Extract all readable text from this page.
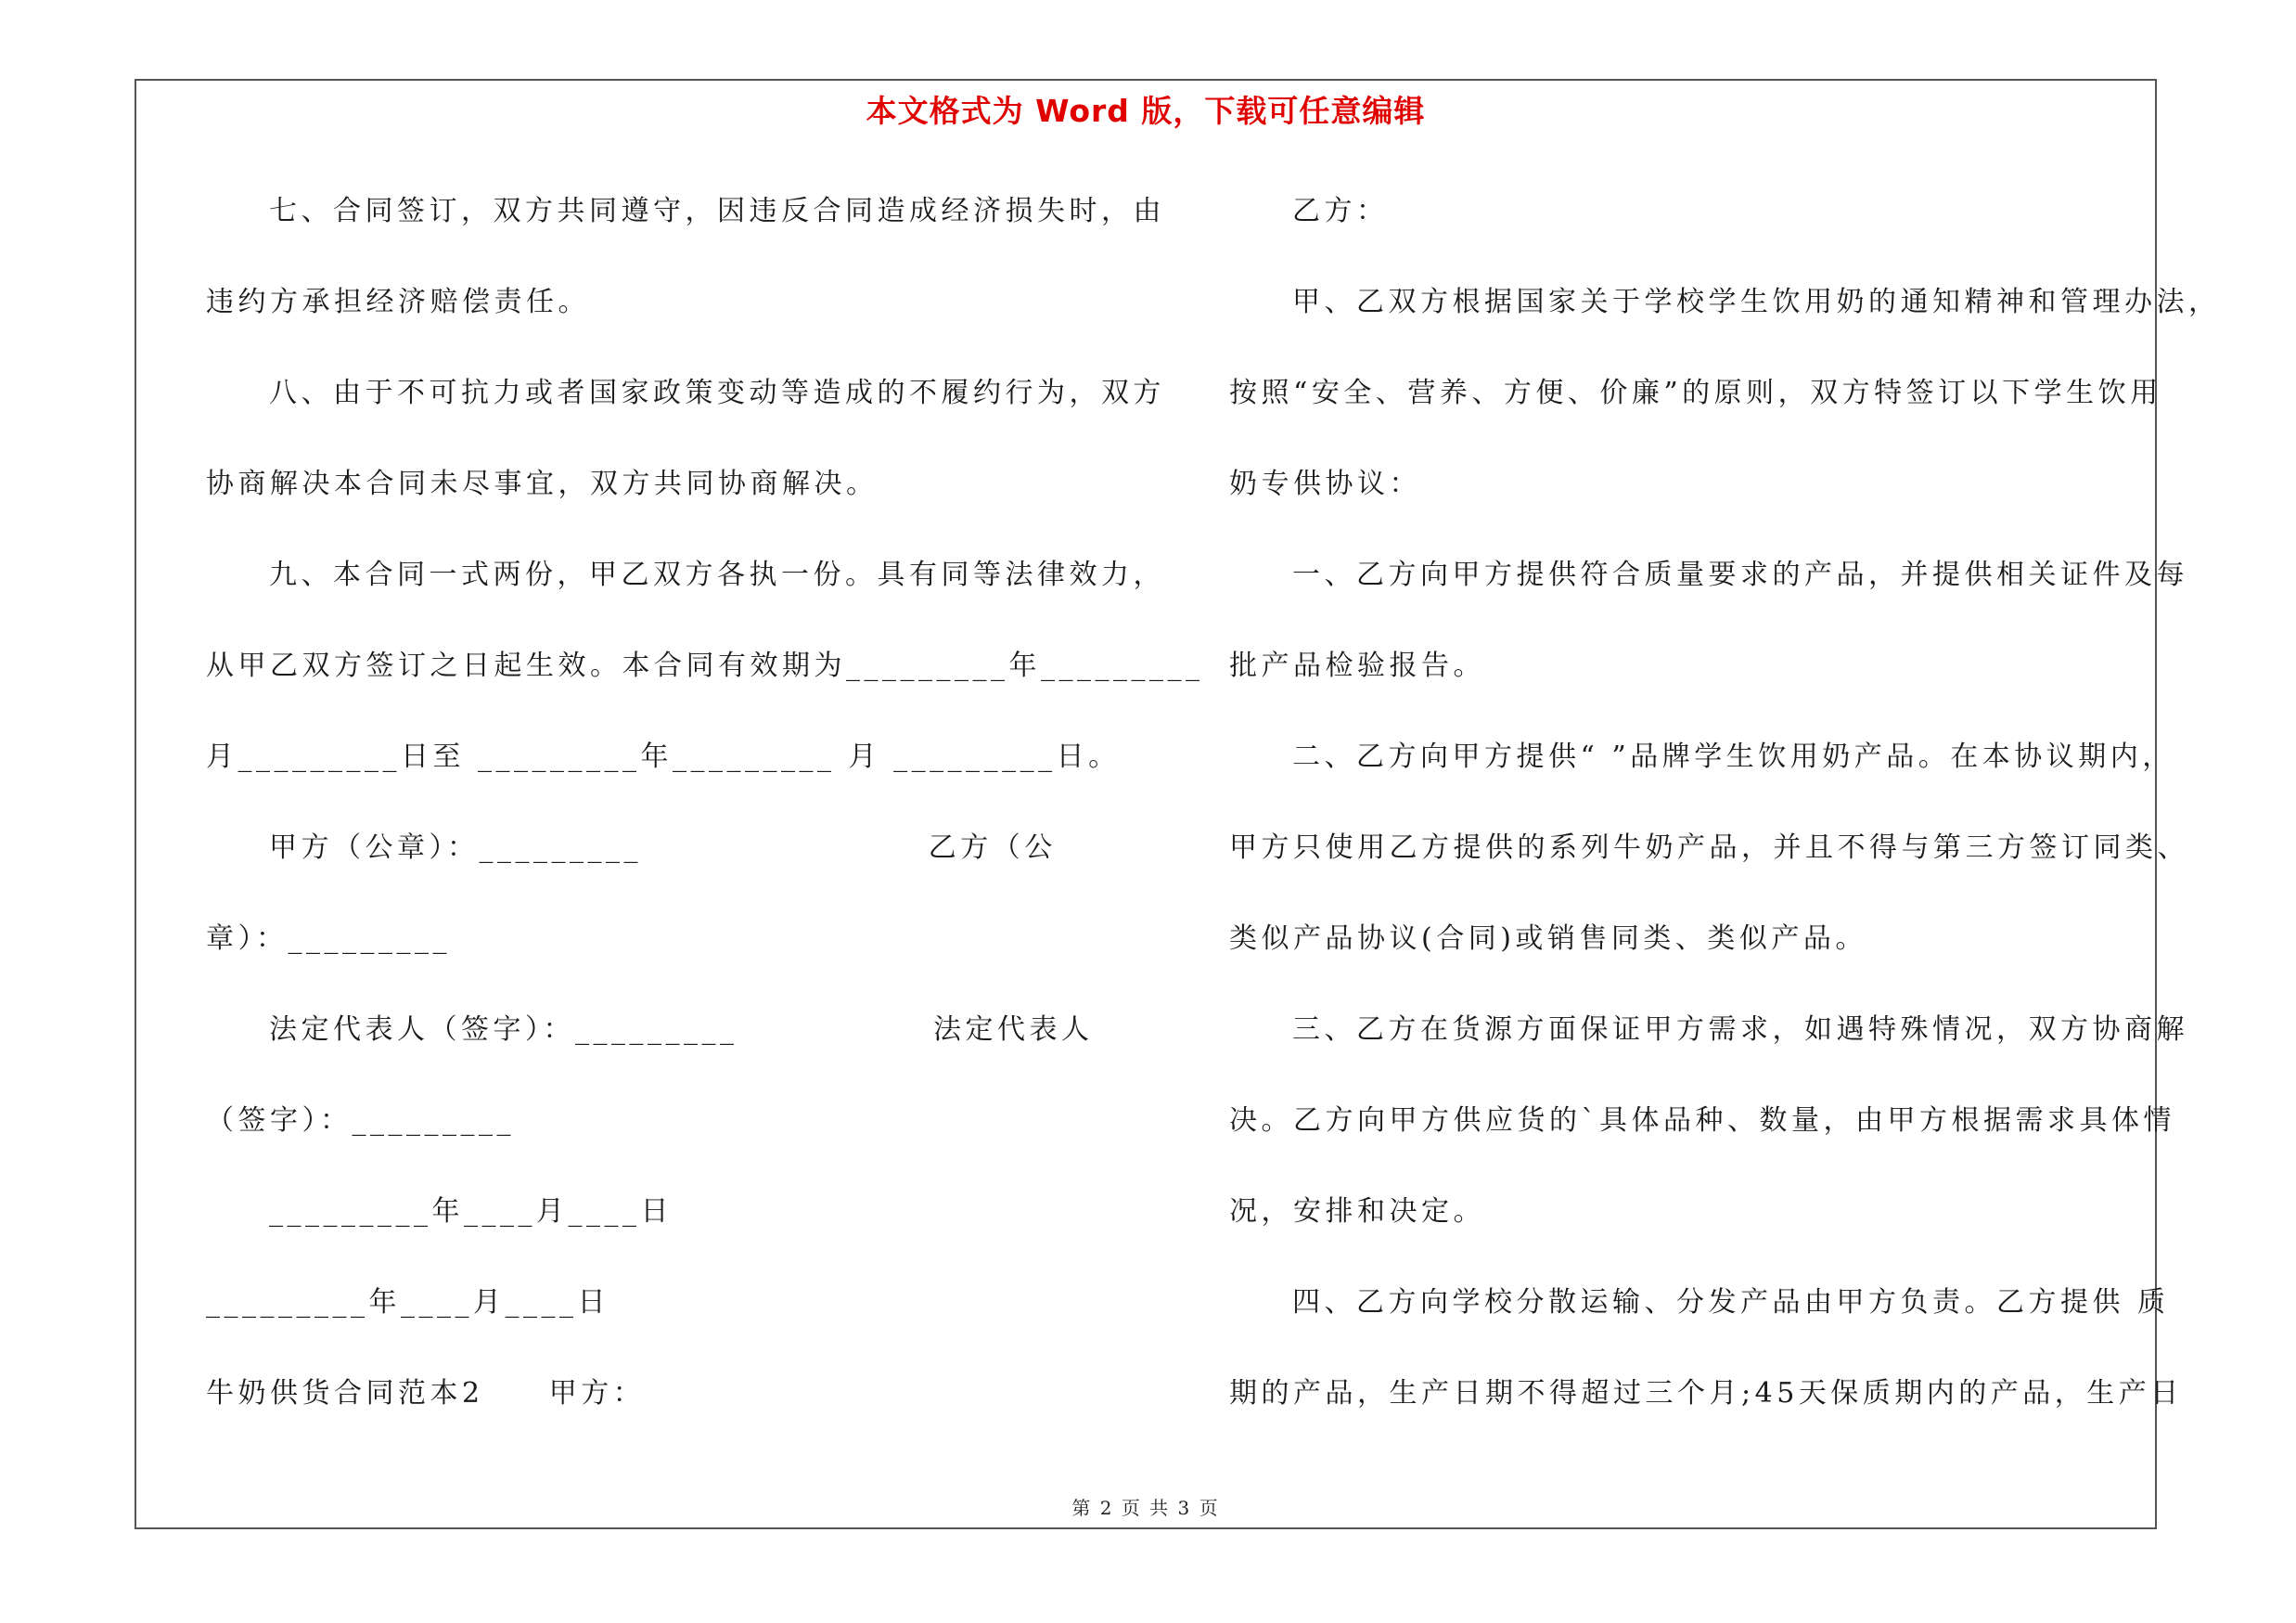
本文格式为 Word 版，下载可任意编辑
七、合同签订，双方共同遵守，因违反合同造成经济损失时，由
违约方承担经济赔偿责任。
八、由于不可抗力或者国家政策变动等造成的不履约行为，双方
协商解决本合同未尽事宜，双方共同协商解决。
九、本合同一式两份，甲乙双方各执一份。具有同等法律效力，
从甲乙双方签订之日起生效。本合同有效期为_________年_________
月_________日至 _________年_________ 月 _________日。
甲方（公章）：_________                      乙方（公
章）：_________
法定代表人（签字）：_________               法定代表人
（签字）：_________
_________年____月____日
_________年____月____日
牛奶供货合同范本2     甲方：
乙方：
甲、乙双方根据国家关于学校学生饮用奶的通知精神和管理办法，
按照“安全、营养、方便、价廉”的原则，双方特签订以下学生饮用
奶专供协议：
一、乙方向甲方提供符合质量要求的产品，并提供相关证件及每
批产品检验报告。
二、乙方向甲方提供“ ”品牌学生饮用奶产品。在本协议期内，
甲方只使用乙方提供的系列牛奶产品，并且不得与第三方签订同类、
类似产品协议(合同)或销售同类、类似产品。
三、乙方在货源方面保证甲方需求，如遇特殊情况，双方协商解
决。乙方向甲方供应货的`具体品种、数量，由甲方根据需求具体情
况，安排和决定。
四、乙方向学校分散运输、分发产品由甲方负责。乙方提供 质
期的产品，生产日期不得超过三个月;45天保质期内的产品，生产日
第 2 页 共 3 页
